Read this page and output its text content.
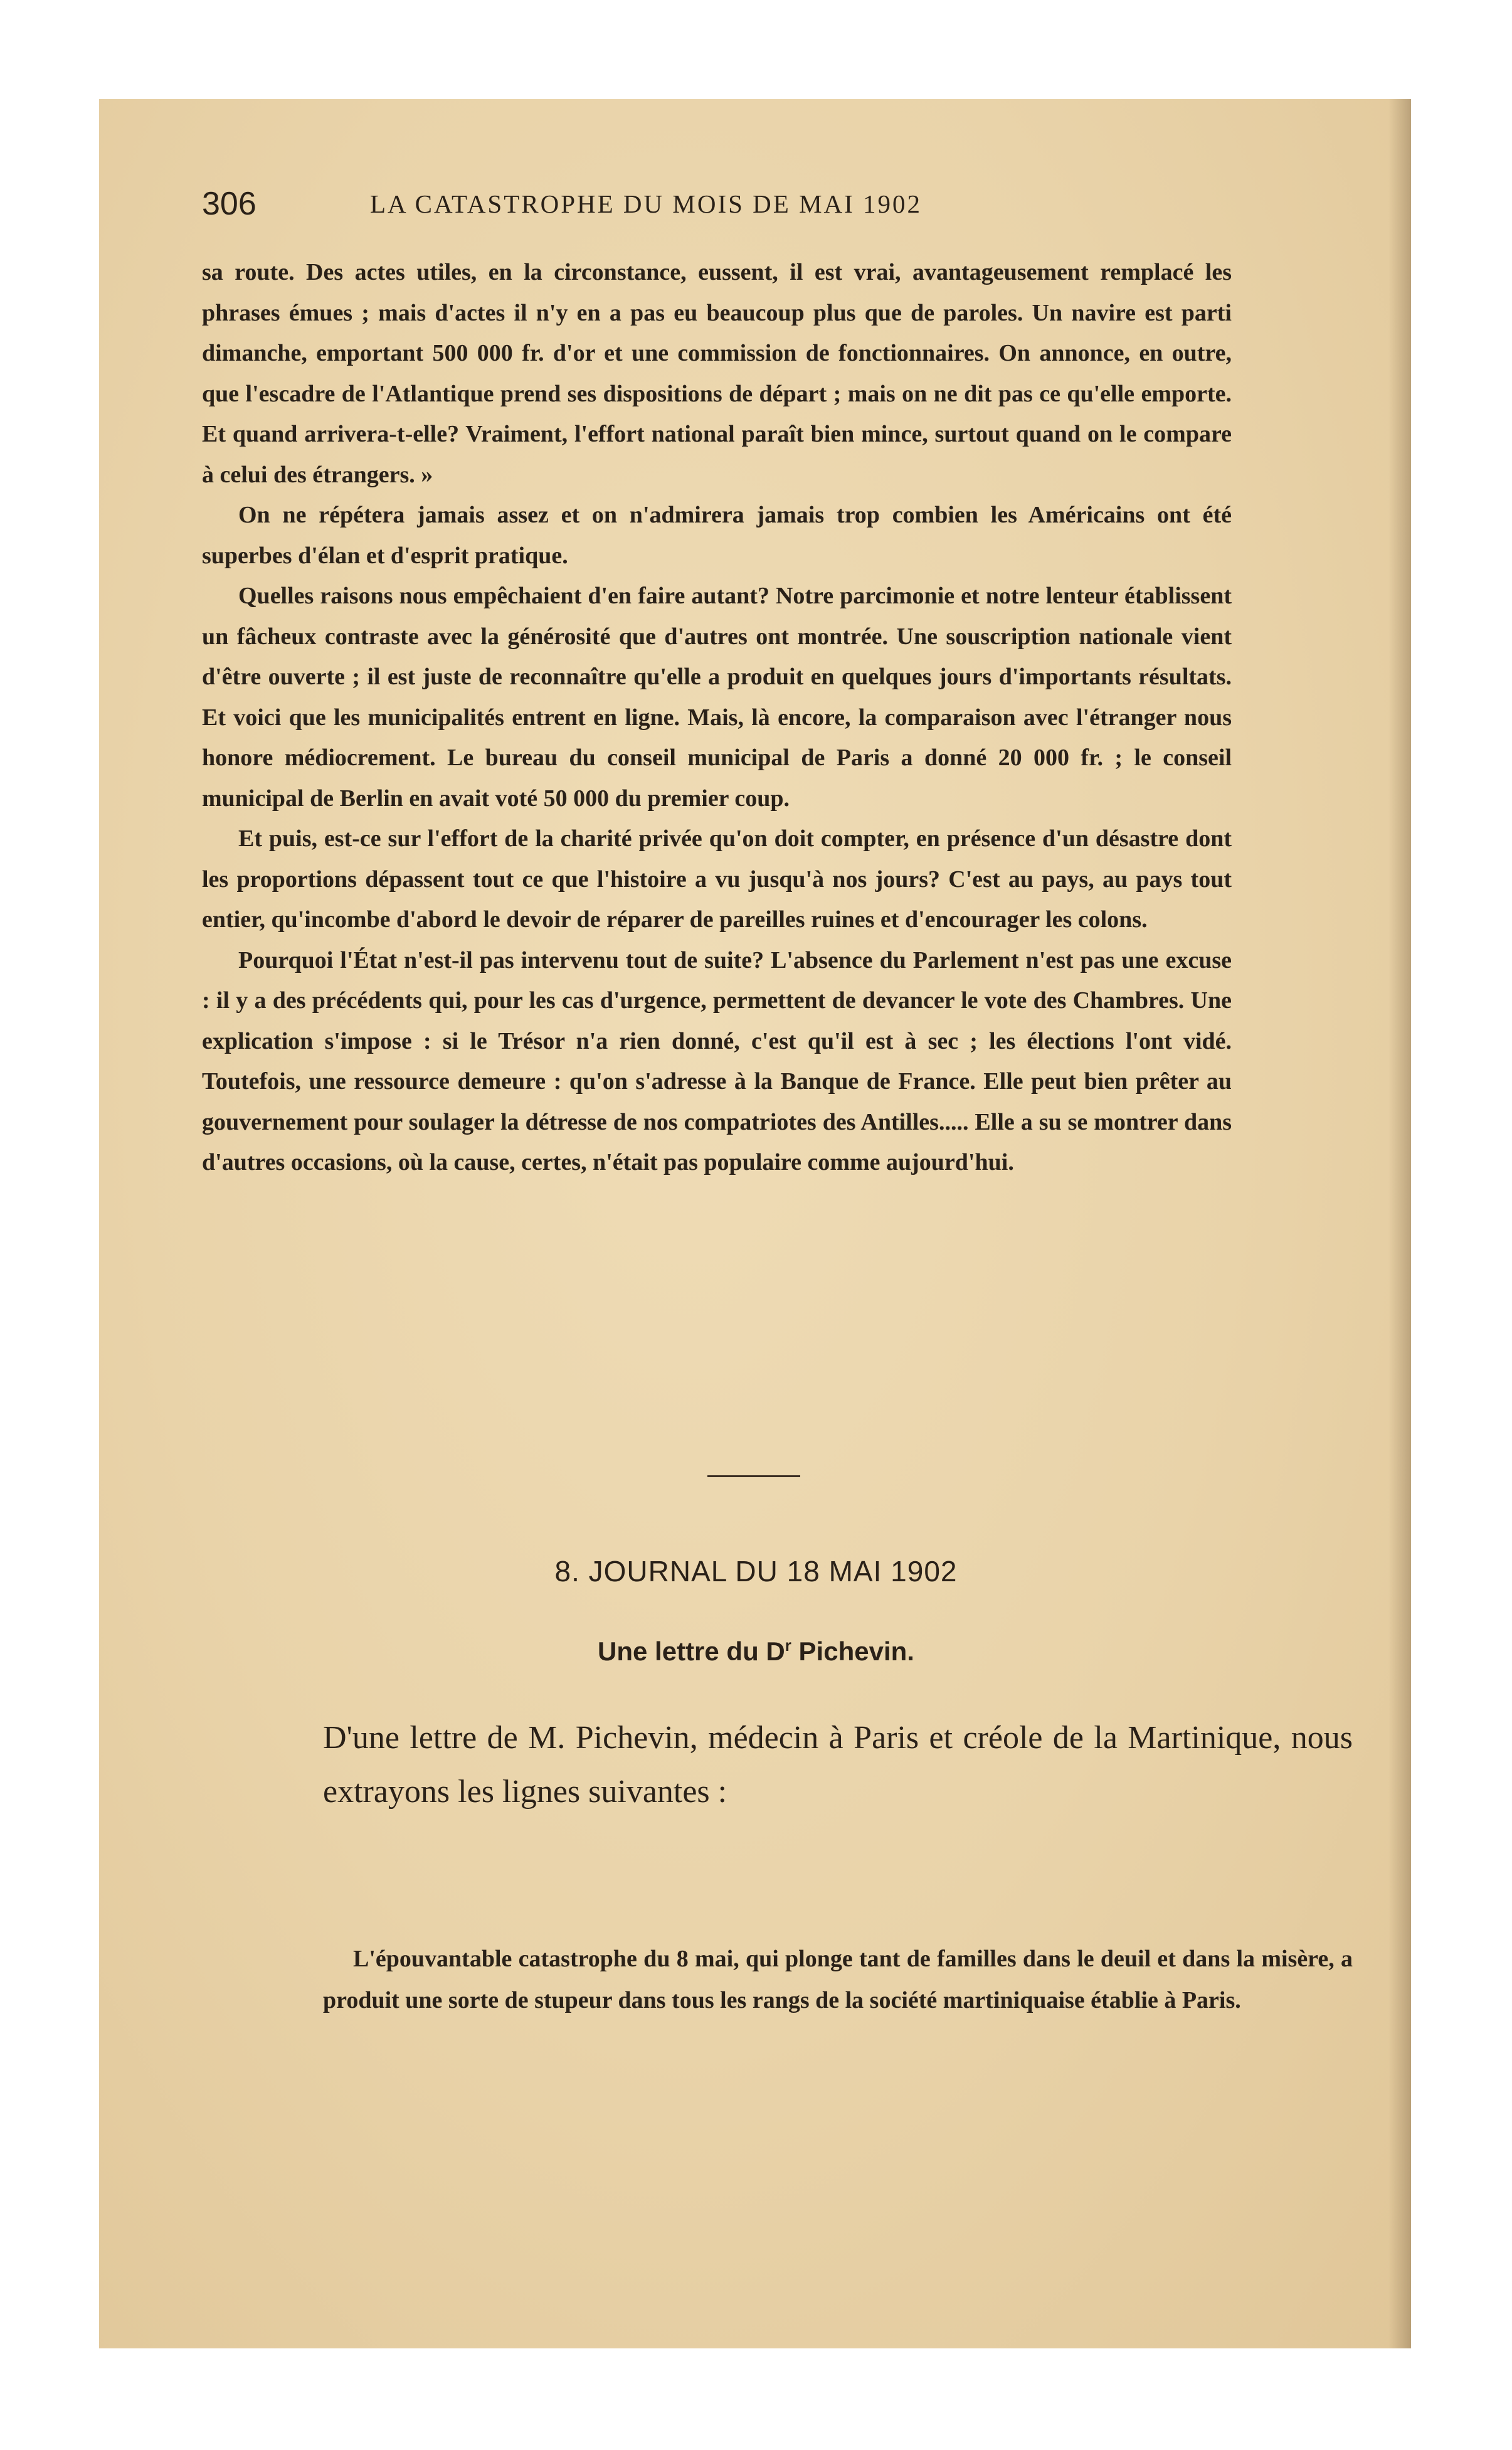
306	LA CATASTROPHE DU MOIS DE MAI 1902

sa route. Des actes utiles, en la circonstance, eussent, il est vrai, avantageusement remplacé les phrases émues ; mais d'actes il n'y en a pas eu beaucoup plus que de paroles. Un navire est parti dimanche, emportant 500 000 fr. d'or et une commission de fonctionnaires. On annonce, en outre, que l'escadre de l'Atlantique prend ses dispositions de départ ; mais on ne dit pas ce qu'elle emporte. Et quand arrivera-t-elle? Vraiment, l'effort national paraît bien mince, surtout quand on le compare à celui des étrangers. »

On ne répétera jamais assez et on n'admirera jamais trop combien les Américains ont été superbes d'élan et d'esprit pratique.

Quelles raisons nous empêchaient d'en faire autant? Notre parcimonie et notre lenteur établissent un fâcheux contraste avec la générosité que d'autres ont montrée. Une souscription nationale vient d'être ouverte ; il est juste de reconnaître qu'elle a produit en quelques jours d'importants résultats. Et voici que les municipalités entrent en ligne. Mais, là encore, la comparaison avec l'étranger nous honore médiocrement. Le bureau du conseil municipal de Paris a donné 20 000 fr. ; le conseil municipal de Berlin en avait voté 50 000 du premier coup.

Et puis, est-ce sur l'effort de la charité privée qu'on doit compter, en présence d'un désastre dont les proportions dépassent tout ce que l'histoire a vu jusqu'à nos jours? C'est au pays, au pays tout entier, qu'incombe d'abord le devoir de réparer de pareilles ruines et d'encourager les colons.

Pourquoi l'État n'est-il pas intervenu tout de suite? L'absence du Parlement n'est pas une excuse : il y a des précédents qui, pour les cas d'urgence, permettent de devancer le vote des Chambres. Une explication s'impose : si le Trésor n'a rien donné, c'est qu'il est à sec ; les élections l'ont vidé. Toutefois, une ressource demeure : qu'on s'adresse à la Banque de France. Elle peut bien prêter au gouvernement pour soulager la détresse de nos compatriotes des Antilles..... Elle a su se montrer dans d'autres occasions, où la cause, certes, n'était pas populaire comme aujourd'hui.

8. JOURNAL DU 18 MAI 1902
Une lettre du $D^r$ Pichevin.

D'une lettre de M. Pichevin, médecin à Paris et créole de la Martinique, nous extrayons les lignes suivantes :

L'épouvantable catastrophe du 8 mai, qui plonge tant de familles dans le deuil et dans la misère, a produit une sorte de stupeur dans tous les rangs de la société martiniquaise établie à Paris.
